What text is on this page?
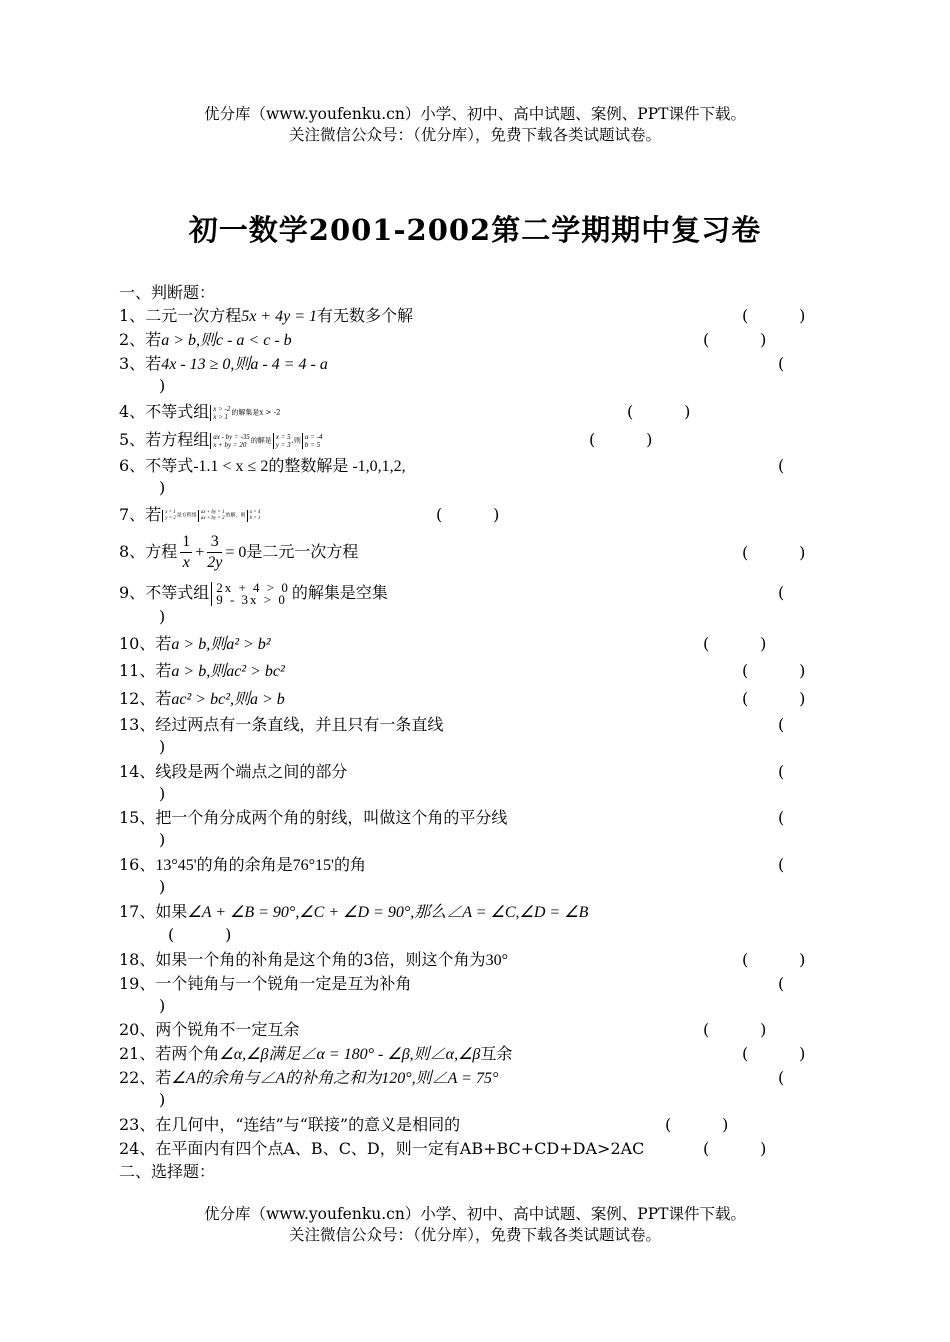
优分库（www.youfenku.cn）小学、初中、高中试题、案例、PPT课件下载。
关注微信公众号：（优分库），免费下载各类试题试卷。
初一数学2001-2002第二学期期中复习卷
一、判断题：
1、二元一次方程5x + 4y = 1有无数多个解	(          )
2、若a > b,则c - a < c - b	(          )
3、若4x - 13 ≥ 0,则a - 4 = 4 - a	(
)
4、不等式组 x > -2
x > 1 的解集是x > -2	(          )
5、若方程组 ax - by = -35
x + by = 20 的解是 x = 5
y = 3 ,则 a = -4
b = 5	(          )
6、不等式-1.1 < x ≤ 2的整数解是 -1,0,1,2,	(
)
7、若 x = 1
y = 2 是方程组
ax + by = 1
ax + by = 2 的解，则
a = 4
b = 1	(          )
8、方程 $\frac{1}{x} + \frac{3}{2y} = 0$是二元一次方程	(          )
9、不等式组 2x + 4 > 0
9 - 3x > 0 的解集是空集	(
)
10、若a > b,则a² > b²	(          )
11、若a > b,则ac² > bc²	(          )
12、若ac² > bc²,则a > b	(          )
13、经过两点有一条直线，并且只有一条直线	(
)
14、线段是两个端点之间的部分	(
)
15、把一个角分成两个角的射线，叫做这个角的平分线	(
)
16、13°45'的角的余角是76°15'的角	(
)
17、如果∠A + ∠B = 90°,∠C + ∠D = 90°,那么∠A = ∠C,∠D = ∠B
(          )
18、如果一个角的补角是这个角的3倍，则这个角为30°	(          )
19、一个钝角与一个锐角一定是互为补角	(
)
20、两个锐角不一定互余	(          )
21、若两个角∠α,∠β满足∠α = 180° - ∠β,则∠α,∠β互余	(          )
22、若∠A的余角与∠A的补角之和为120°,则∠A = 75°	(
)
23、在几何中，“连结”与“联接”的意义是相同的	(          )
24、在平面内有四个点A、B、C、D，则一定有AB+BC+CD+DA>2AC	(          )
二、选择题：
优分库（www.youfenku.cn）小学、初中、高中试题、案例、PPT课件下载。
关注微信公众号：（优分库），免费下载各类试题试卷。
